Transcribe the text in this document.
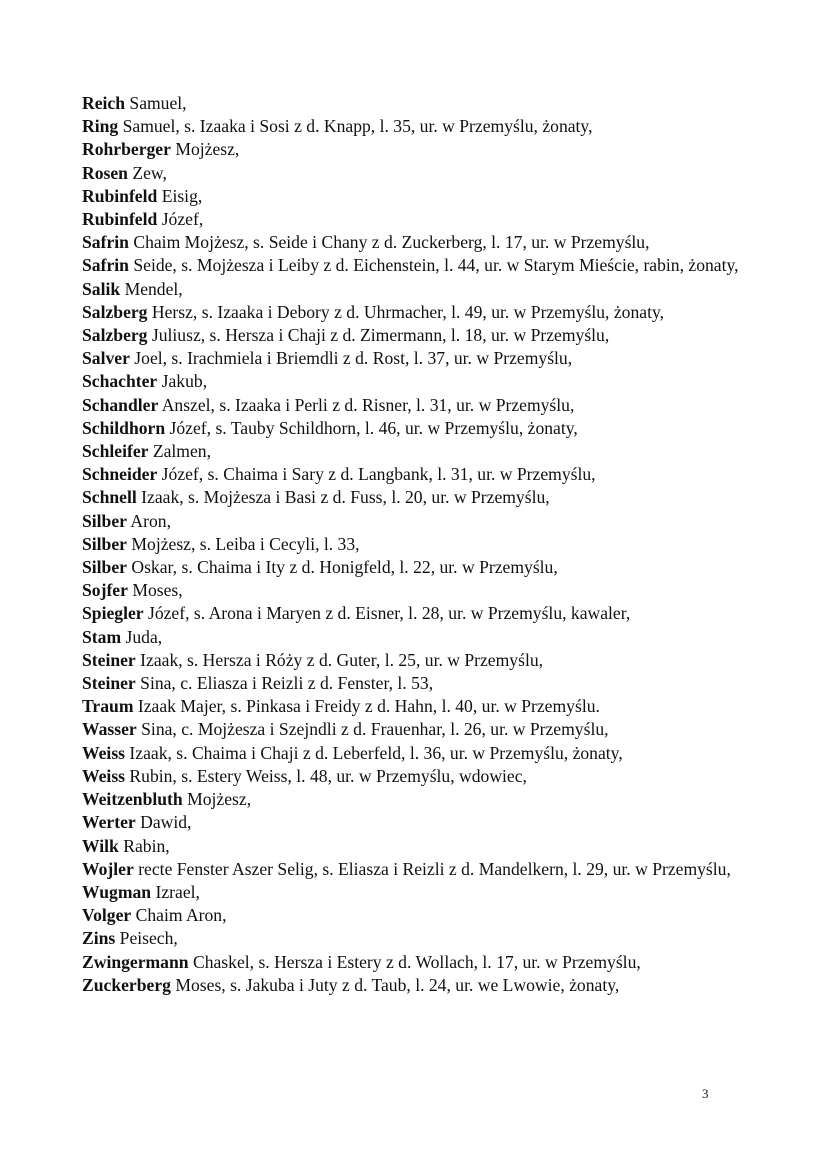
Reich Samuel,
Ring Samuel, s. Izaaka i Sosi z d. Knapp, l. 35, ur. w Przemyślu, żonaty,
Rohrberger Mojżesz,
Rosen Zew,
Rubinfeld Eisig,
Rubinfeld Józef,
Safrin Chaim Mojżesz, s. Seide i Chany z d. Zuckerberg, l. 17, ur. w Przemyślu,
Safrin Seide, s. Mojżesza i Leiby z d. Eichenstein, l. 44, ur. w Starym Mieście, rabin, żonaty,
Salik Mendel,
Salzberg Hersz, s. Izaaka i Debory z d. Uhrmacher, l. 49, ur. w Przemyślu, żonaty,
Salzberg Juliusz, s. Hersza i Chaji z d. Zimermann, l. 18, ur. w Przemyślu,
Salver Joel, s. Irachmiela i Briemdli z d. Rost, l. 37, ur. w Przemyślu,
Schachter Jakub,
Schandler Anszel, s. Izaaka i Perli z d. Risner, l. 31, ur. w Przemyślu,
Schildhorn Józef, s. Tauby Schildhorn, l. 46, ur. w Przemyślu, żonaty,
Schleifer Zalmen,
Schneider Józef, s. Chaima i Sary z d. Langbank, l. 31, ur. w Przemyślu,
Schnell Izaak, s. Mojżesza i Basi z d. Fuss, l. 20, ur. w Przemyślu,
Silber Aron,
Silber Mojżesz, s. Leiba i Cecyli, l. 33,
Silber Oskar, s. Chaima i Ity z d. Honigfeld, l. 22, ur. w Przemyślu,
Sojfer Moses,
Spiegler Józef, s. Arona i Maryen z d. Eisner, l. 28, ur. w Przemyślu, kawaler,
Stam Juda,
Steiner Izaak, s. Hersza i Róży z d. Guter, l. 25, ur. w Przemyślu,
Steiner Sina, c. Eliasza i Reizli z d. Fenster, l. 53,
Traum Izaak Majer, s. Pinkasa i Freidy z d. Hahn, l. 40, ur. w Przemyślu.
Wasser Sina, c. Mojżesza i Szejndli z d. Frauenhar, l. 26, ur. w Przemyślu,
Weiss Izaak, s. Chaima i Chaji z d. Leberfeld, l. 36, ur. w Przemyślu, żonaty,
Weiss Rubin, s. Estery Weiss, l. 48, ur. w Przemyślu, wdowiec,
Weitzenbluth Mojżesz,
Werter Dawid,
Wilk Rabin,
Wojler recte Fenster Aszer Selig, s. Eliasza i Reizli z d. Mandelkern, l. 29, ur. w Przemyślu,
Wugman Izrael,
Volger Chaim Aron,
Zins Peisech,
Zwingermann Chaskel, s. Hersza i Estery z d. Wollach, l. 17, ur. w Przemyślu,
Zuckerberg Moses, s. Jakuba i Juty z d. Taub, l. 24, ur. we Lwowie, żonaty,
3
